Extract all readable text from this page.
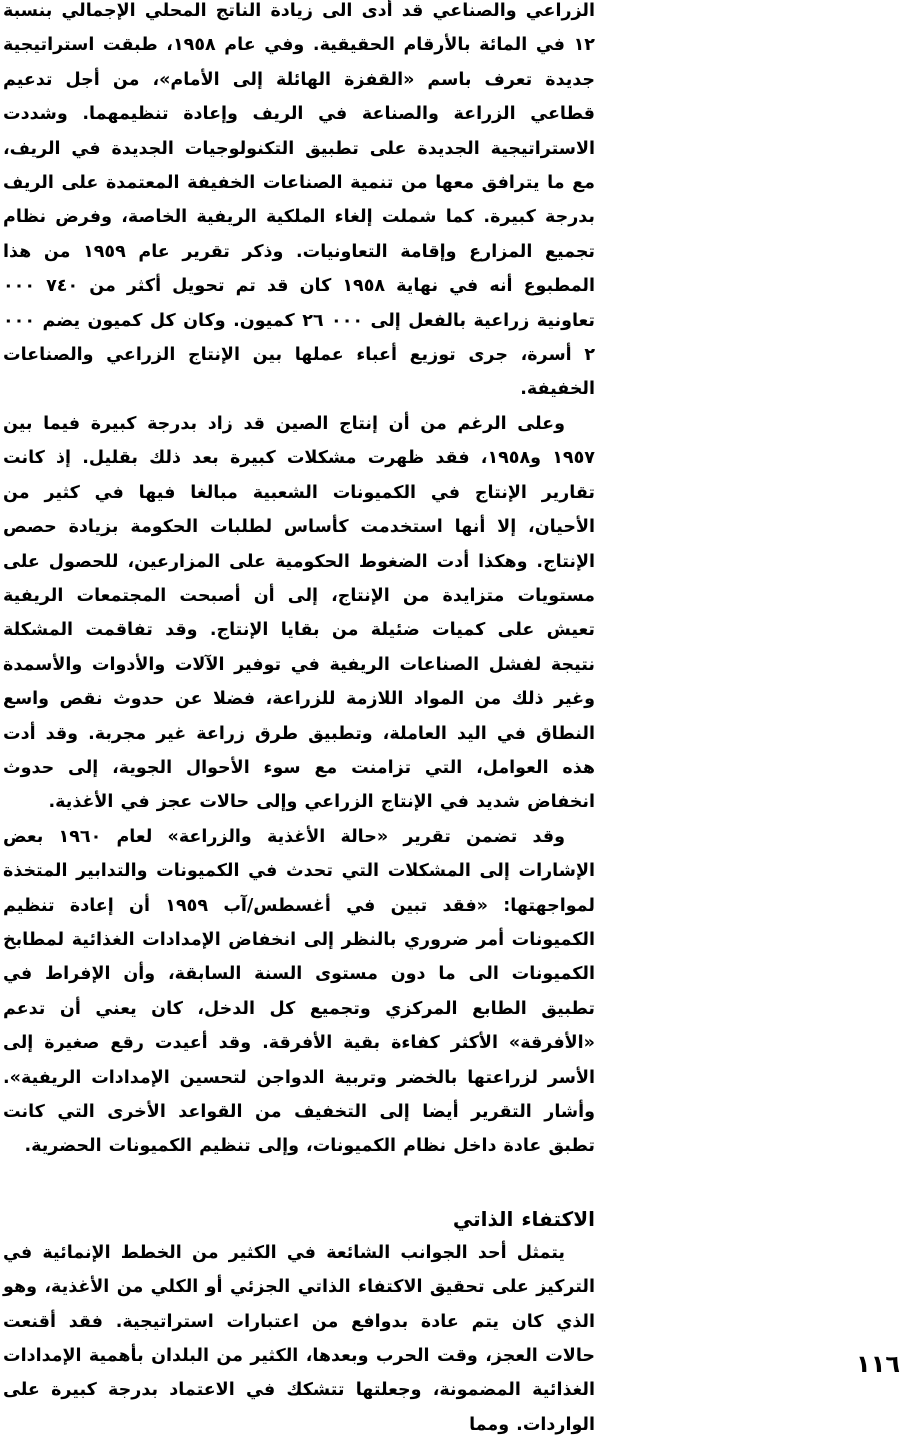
الزراعي والصناعي قد أدى الى زيادة الناتج المحلي الإجمالي بنسبة ١٢ في المائة بالأرقام الحقيقية. وفي عام ١٩٥٨، طبقت استراتيجية جديدة تعرف باسم «القفزة الهائلة إلى الأمام»، من أجل تدعيم قطاعي الزراعة والصناعة في الريف وإعادة تنظيمهما. وشددت الاستراتيجية الجديدة على تطبيق التكنولوجيات الجديدة في الريف، مع ما يترافق معها من تنمية الصناعات الخفيفة المعتمدة على الريف بدرجة كبيرة. كما شملت إلغاء الملكية الريفية الخاصة، وفرض نظام تجميع المزارع وإقامة التعاونيات. وذكر تقرير عام ١٩٥٩ من هذا المطبوع أنه في نهاية ١٩٥٨ كان قد تم تحويل أكثر من ٧٤٠ ٠٠٠ تعاونية زراعية بالفعل إلى ٠٠٠ ٢٦ كميون. وكان كل كميون يضم ٠٠٠ ٢ أسرة، جرى توزيع أعباء عملها بين الإنتاج الزراعي والصناعات الخفيفة.

وعلى الرغم من أن إنتاج الصين قد زاد بدرجة كبيرة فيما بين ١٩٥٧ و١٩٥٨، فقد ظهرت مشكلات كبيرة بعد ذلك بقليل. إذ كانت تقارير الإنتاج في الكميونات الشعبية مبالغا فيها في كثير من الأحيان، إلا أنها استخدمت كأساس لطلبات الحكومة بزيادة حصص الإنتاج. وهكذا أدت الضغوط الحكومية على المزارعين، للحصول على مستويات متزايدة من الإنتاج، إلى أن أصبحت المجتمعات الريفية تعيش على كميات ضئيلة من بقايا الإنتاج. وقد تفاقمت المشكلة نتيجة لفشل الصناعات الريفية في توفير الآلات والأدوات والأسمدة وغير ذلك من المواد اللازمة للزراعة، فضلا عن حدوث نقص واسع النطاق في اليد العاملة، وتطبيق طرق زراعة غير مجربة. وقد أدت هذه العوامل، التي تزامنت مع سوء الأحوال الجوية، إلى حدوث انخفاض شديد في الإنتاج الزراعي وإلى حالات عجز في الأغذية.

وقد تضمن تقرير «حالة الأغذية والزراعة» لعام ١٩٦٠ بعض الإشارات إلى المشكلات التي تحدث في الكميونات والتدابير المتخذة لمواجهتها: «فقد تبين في أغسطس/آب ١٩٥٩ أن إعادة تنظيم الكميونات أمر ضروري بالنظر إلى انخفاض الإمدادات الغذائية لمطابخ الكميونات الى ما دون مستوى السنة السابقة، وأن الإفراط في تطبيق الطابع المركزي وتجميع كل الدخل، كان يعني أن تدعم «الأفرقة» الأكثر كفاءة بقية الأفرقة. وقد أعيدت رقع صغيرة إلى الأسر لزراعتها بالخضر وتربية الدواجن لتحسين الإمدادات الريفية». وأشار التقرير أيضا إلى التخفيف من القواعد الأخرى التي كانت تطبق عادة داخل نظام الكميونات، وإلى تنظيم الكميونات الحضرية.

الاكتفاء الذاتي

يتمثل أحد الجوانب الشائعة في الكثير من الخطط الإنمائية في التركيز على تحقيق الاكتفاء الذاتي الجزئي أو الكلي من الأغذية، وهو الذي كان يتم عادة بدوافع من اعتبارات استراتيجية. فقد أقنعت حالات العجز، وقت الحرب وبعدها، الكثير من البلدان بأهمية الإمدادات الغذائية المضمونة، وجعلتها تتشكك في الاعتماد بدرجة كبيرة على الواردات. ومما

١١٦
